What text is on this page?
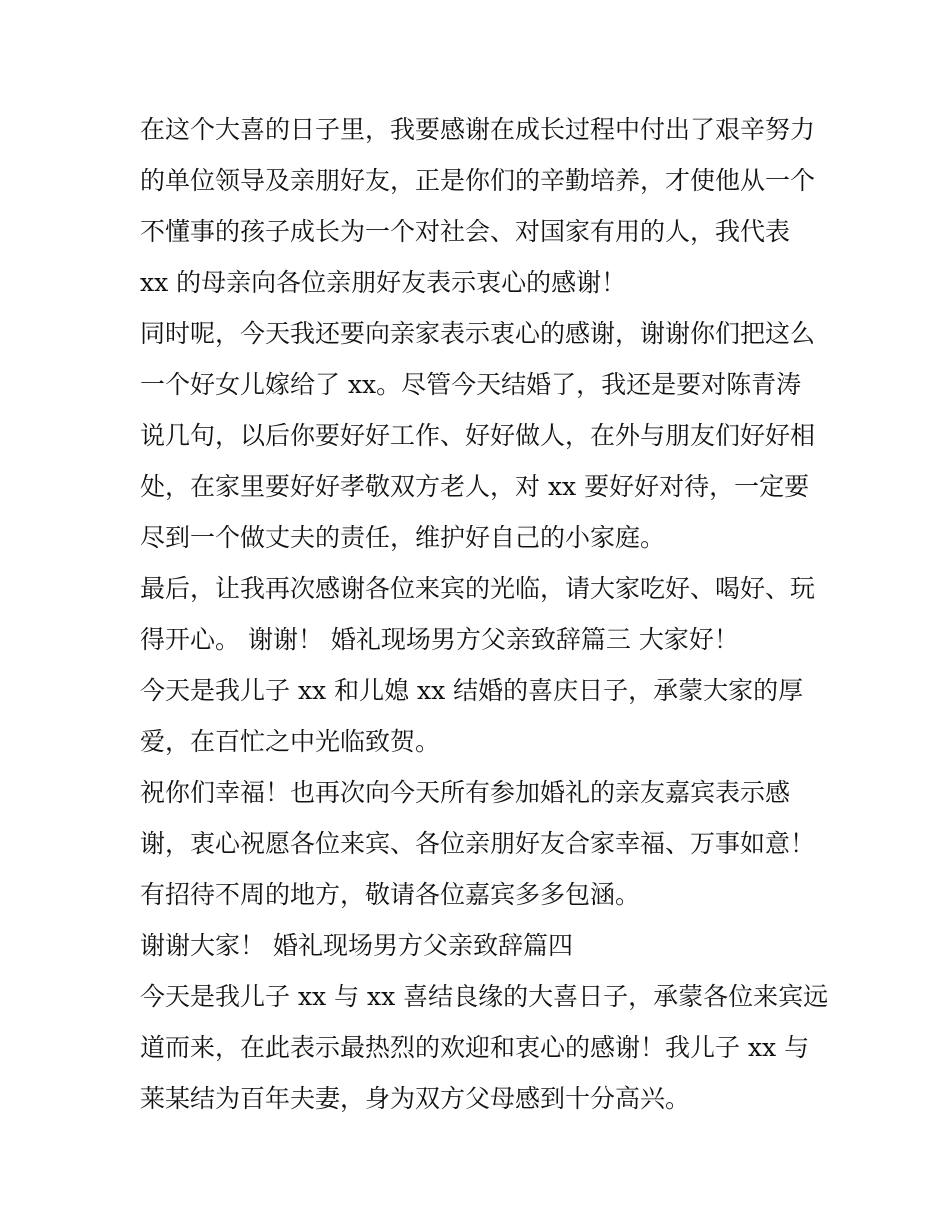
在这个大喜的日子里，我要感谢在成长过程中付出了艰辛努力
的单位领导及亲朋好友，正是你们的辛勤培养，才使他从一个
不懂事的孩子成长为一个对社会、对国家有用的人，我代表
xx 的母亲向各位亲朋好友表示衷心的感谢！
同时呢，今天我还要向亲家表示衷心的感谢，谢谢你们把这么
一个好女儿嫁给了 xx。尽管今天结婚了，我还是要对陈青涛
说几句，以后你要好好工作、好好做人，在外与朋友们好好相
处，在家里要好好孝敬双方老人，对 xx 要好好对待，一定要
尽到一个做丈夫的责任，维护好自己的小家庭。
最后，让我再次感谢各位来宾的光临，请大家吃好、喝好、玩
得开心。 谢谢！ 婚礼现场男方父亲致辞篇三 大家好！
今天是我儿子 xx 和儿媳 xx 结婚的喜庆日子，承蒙大家的厚
爱，在百忙之中光临致贺。
祝你们幸福！也再次向今天所有参加婚礼的亲友嘉宾表示感
谢，衷心祝愿各位来宾、各位亲朋好友合家幸福、万事如意！
有招待不周的地方，敬请各位嘉宾多多包涵。
谢谢大家！ 婚礼现场男方父亲致辞篇四
今天是我儿子 xx 与 xx 喜结良缘的大喜日子，承蒙各位来宾远
道而来，在此表示最热烈的欢迎和衷心的感谢！我儿子 xx 与
莱某结为百年夫妻，身为双方父母感到十分高兴。
